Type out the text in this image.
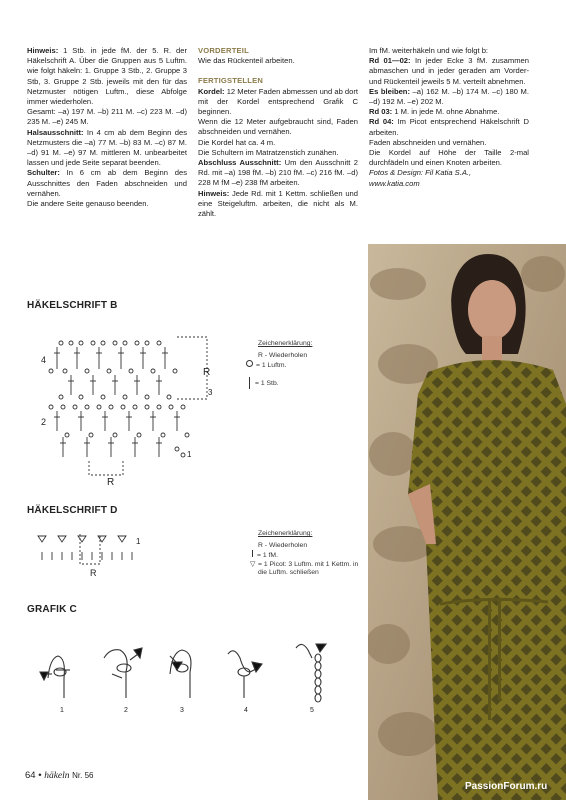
Hinweis: 1 Stb. in jede fM. der 5. R. der Häkelschrift A. Über die Gruppen aus 5 Luftm. wie folgt häkeln: 1. Gruppe 3 Stb., 2. Gruppe 3 Stb, 3. Gruppe 2 Stb. jeweils mit den für das Netzmuster nötigen Luftm., diese Abfolge immer wiederholen.

Gesamt: –a) 197 M. –b) 211 M. –c) 223 M. –d) 235 M. –e) 245 M.

Halsausschnitt: In 4 cm ab dem Beginn des Netzmusters die –a) 77 M. –b) 83 M. –c) 87 M. –d) 91 M. –e) 97 M. mittleren M. unbearbeitet lassen und jede Seite separat beenden.

Schulter: In 6 cm ab dem Beginn des Ausschnittes den Faden abschneiden und vernähen.

Die andere Seite genauso beenden.

VORDERTEIL

Wie das Rückenteil arbeiten.

FERTIGSTELLEN

Kordel: 12 Meter Faden abmessen und ab dort mit der Kordel entsprechend Grafik C beginnen.

Wenn die 12 Meter aufgebraucht sind, Faden abschneiden und vernähen.

Die Kordel hat ca. 4 m.

Die Schultern im Matratzenstich zunähen.

Abschluss Ausschnitt: Um den Ausschnitt 2 Rd. mit –a) 198 fM. –b) 210 fM. –c) 216 fM. –d) 228 M fM –e) 238 fM arbeiten.

Hinweis: Jede Rd. mit 1 Kettm. schließen und eine Steigeluftm. arbeiten, die nicht als M. zählt.

Im fM. weiterhäkeln und wie folgt b:

Rd 01—02: In jeder Ecke 3 fM. zusammen abmaschen und in jeder geraden am Vorder- und Rückenteil jeweils 5 M. verteilt abnehmen.

Es bleiben: –a) 162 M. –b) 174 M. –c) 180 M. –d) 192 M. –e) 202 M.

Rd 03: 1 M. in jede M. ohne Abnahme.

Rd 04: Im Picot entsprechend Häkelschrift D arbeiten.

Faden abschneiden und vernähen.

Die Kordel auf Höhe der Taille 2-mal durchfädeln und einen Knoten arbeiten.

Fotos & Design: Fil Katia S.A.,

www.katia.com

HÄKELSCHRIFT B
4
3
2
1
R
R
Zeichenerklärung:
R - Wiederholen
= 1 Luftm.
= 1 Stb.
HÄKELSCHRIFT D
1
R
Zeichenerklärung:
R - Wiederholen
= 1 fM.
▽ = 1 Picot: 3 Luftm. mit 1 Kettm. in die Luftm. schließen
GRAFIK C
1	2	3	4	5
64 • häkeln Nr. 56
PassionForum.ru
